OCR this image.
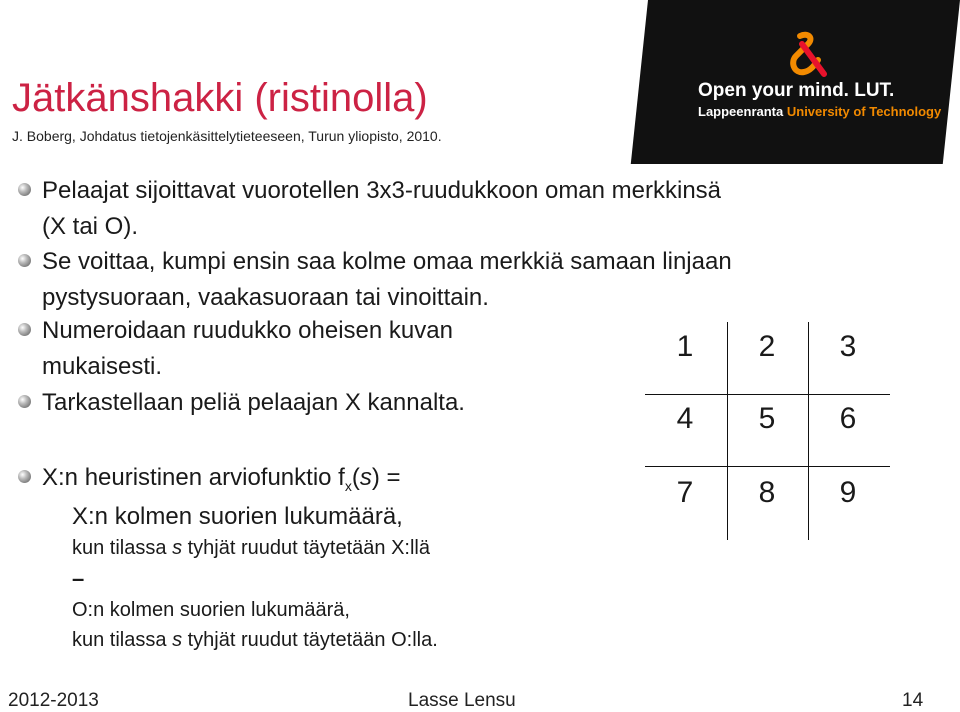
Jätkänshakki (ristinolla)
J. Boberg, Johdatus tietojenkäsittelytieteeseen, Turun yliopisto, 2010.
Open your mind. LUT.
Lappeenranta University of Technology
Pelaajat sijoittavat vuorotellen 3x3-ruudukkoon oman merkkinsä
(X tai O).
Se voittaa, kumpi ensin saa kolme omaa merkkiä samaan linjaan
pystysuoraan, vaakasuoraan tai vinoittain.
Numeroidaan ruudukko oheisen kuvan
mukaisesti.
Tarkastellaan peliä pelaajan X kannalta.
X:n heuristinen arviofunktio $f_x(s)$ =
X:n kolmen suorien lukumäärä,
kun tilassa s tyhjät ruudut täytetään X:llä
–
O:n kolmen suorien lukumäärä,
kun tilassa s tyhjät ruudut täytetään O:lla.
1	2	3
4	5	6
7	8	9
2012-2013	Lasse Lensu	14
